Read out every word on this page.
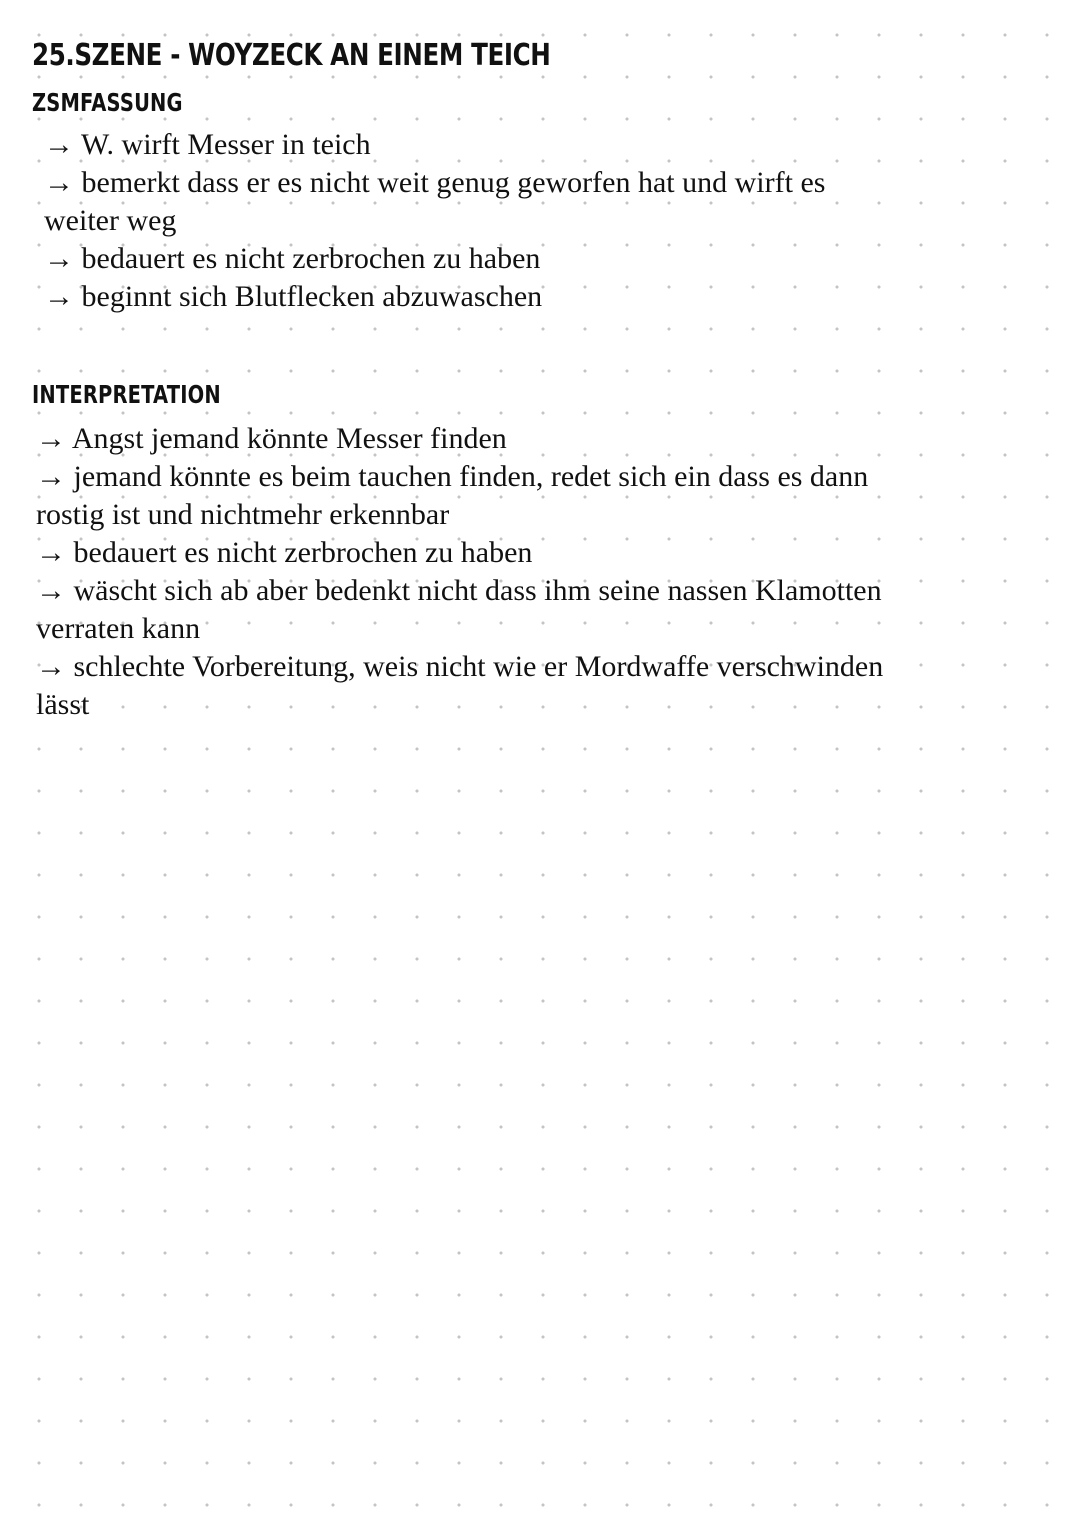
25.SZENE - WOYZECK AN EINEM TEICH
ZSMFASSUNG
→ W. wirft Messer in teich
→ bemerkt dass er es nicht weit genug geworfen hat und wirft es weiter weg
→ bedauert es nicht zerbrochen zu haben
→ beginnt sich Blutflecken abzuwaschen
INTERPRETATION
→ Angst jemand könnte Messer finden
→ jemand könnte es beim tauchen finden, redet sich ein dass es dann rostig ist und nichtmehr erkennbar
→ bedauert es nicht zerbrochen zu haben
→ wäscht sich ab aber bedenkt nicht dass ihm seine nassen Klamotten verraten kann
→ schlechte Vorbereitung, weis nicht wie er Mordwaffe verschwinden lässt
